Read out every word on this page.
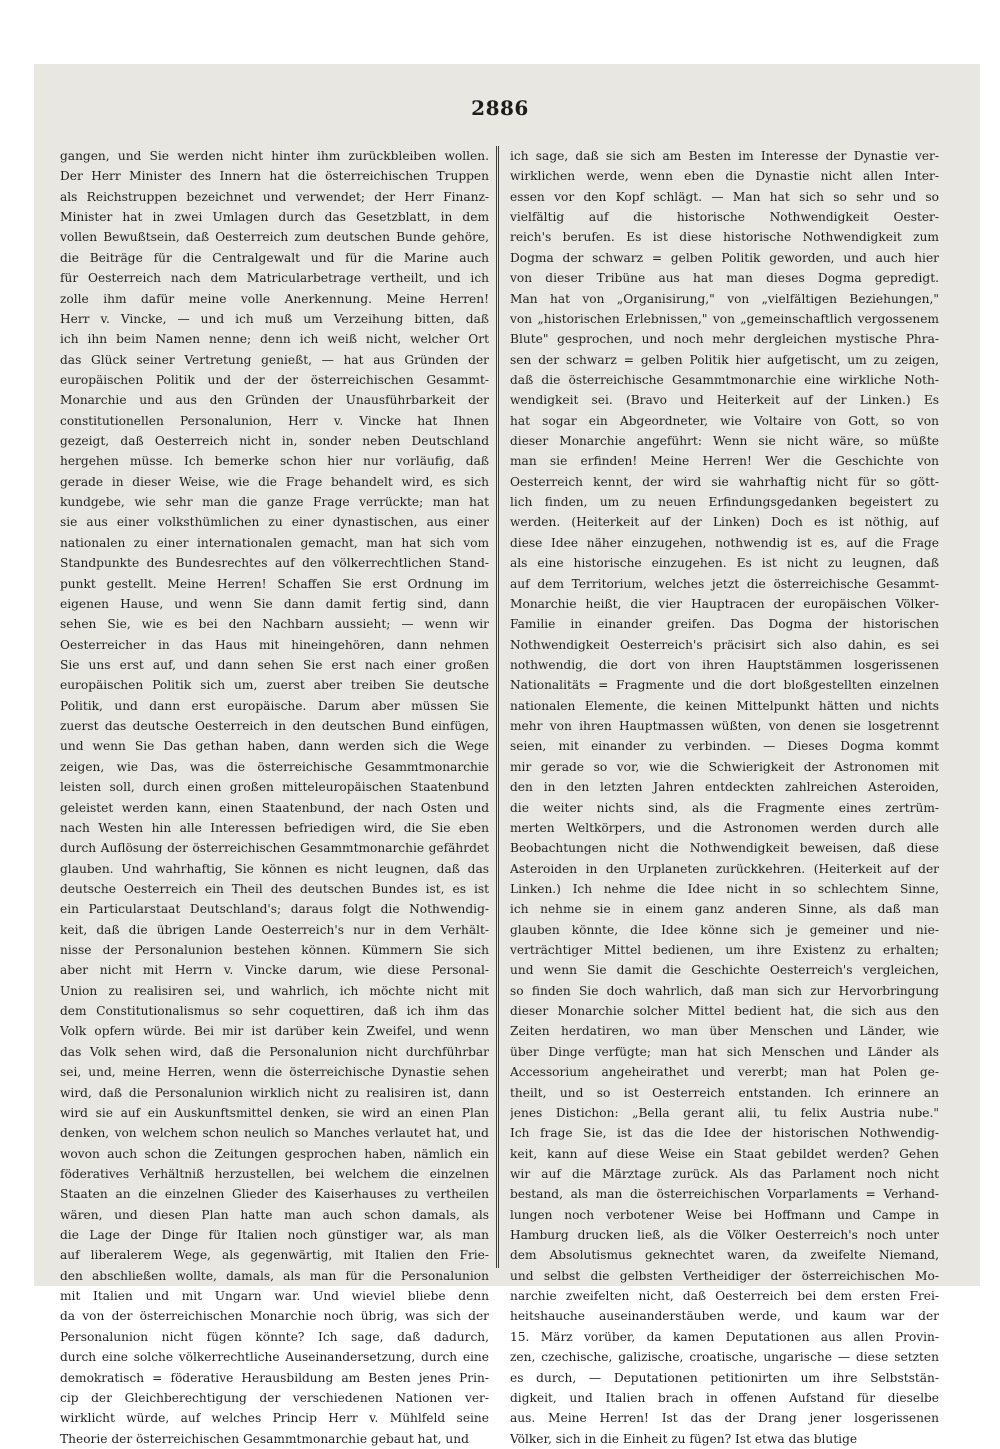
2886
gangen, und Sie werden nicht hinter ihm zurückbleiben wollen.
Der Herr Minister des Innern hat die österreichischen Truppen
als Reichstruppen bezeichnet und verwendet; der Herr Finanz-
Minister hat in zwei Umlagen durch das Gesetzblatt, in dem
vollen Bewußtsein, daß Oesterreich zum deutschen Bunde gehöre,
die Beiträge für die Centralgewalt und für die Marine auch
für Oesterreich nach dem Matricularbetrage vertheilt, und ich
zolle ihm dafür meine volle Anerkennung. Meine Herren!
Herr v. Vincke, — und ich muß um Verzeihung bitten, daß
ich ihn beim Namen nenne; denn ich weiß nicht, welcher Ort
das Glück seiner Vertretung genießt, — hat aus Gründen der
europäischen Politik und der der österreichischen Gesammt-
Monarchie und aus den Gründen der Unausführbarkeit der
constitutionellen Personalunion, Herr v. Vincke hat Ihnen
gezeigt, daß Oesterreich nicht in, sonder neben Deutschland
hergehen müsse. Ich bemerke schon hier nur vorläufig, daß
gerade in dieser Weise, wie die Frage behandelt wird, es sich
kundgebe, wie sehr man die ganze Frage verrückte; man hat
sie aus einer volksthümlichen zu einer dynastischen, aus einer
nationalen zu einer internationalen gemacht, man hat sich vom
Standpunkte des Bundesrechtes auf den völkerrechtlichen Stand-
punkt gestellt. Meine Herren! Schaffen Sie erst Ordnung im
eigenen Hause, und wenn Sie dann damit fertig sind, dann
sehen Sie, wie es bei den Nachbarn aussieht; — wenn wir
Oesterreicher in das Haus mit hineingehören, dann nehmen
Sie uns erst auf, und dann sehen Sie erst nach einer großen
europäischen Politik sich um, zuerst aber treiben Sie deutsche
Politik, und dann erst europäische. Darum aber müssen Sie
zuerst das deutsche Oesterreich in den deutschen Bund einfügen,
und wenn Sie Das gethan haben, dann werden sich die Wege
zeigen, wie Das, was die österreichische Gesammtmonarchie
leisten soll, durch einen großen mitteleuropäischen Staatenbund
geleistet werden kann, einen Staatenbund, der nach Osten und
nach Westen hin alle Interessen befriedigen wird, die Sie eben
durch Auflösung der österreichischen Gesammtmonarchie gefährdet
glauben. Und wahrhaftig, Sie können es nicht leugnen, daß das
deutsche Oesterreich ein Theil des deutschen Bundes ist, es ist
ein Particularstaat Deutschland's; daraus folgt die Nothwendig-
keit, daß die übrigen Lande Oesterreich's nur in dem Verhält-
nisse der Personalunion bestehen können. Kümmern Sie sich
aber nicht mit Herrn v. Vincke darum, wie diese Personal-
Union zu realisiren sei, und wahrlich, ich möchte nicht mit
dem Constitutionalismus so sehr coquettiren, daß ich ihm das
Volk opfern würde. Bei mir ist darüber kein Zweifel, und wenn
das Volk sehen wird, daß die Personalunion nicht durchführbar
sei, und, meine Herren, wenn die österreichische Dynastie sehen
wird, daß die Personalunion wirklich nicht zu realisiren ist, dann
wird sie auf ein Auskunftsmittel denken, sie wird an einen Plan
denken, von welchem schon neulich so Manches verlautet hat, und
wovon auch schon die Zeitungen gesprochen haben, nämlich ein
föderatives Verhältniß herzustellen, bei welchem die einzelnen
Staaten an die einzelnen Glieder des Kaiserhauses zu vertheilen
wären, und diesen Plan hatte man auch schon damals, als
die Lage der Dinge für Italien noch günstiger war, als man
auf liberalerem Wege, als gegenwärtig, mit Italien den Frie-
den abschließen wollte, damals, als man für die Personalunion
mit Italien und mit Ungarn war. Und wieviel bliebe denn
da von der österreichischen Monarchie noch übrig, was sich der
Personalunion nicht fügen könnte? Ich sage, daß dadurch,
durch eine solche völkerrechtliche Auseinandersetzung, durch eine
demokratisch = föderative Herausbildung am Besten jenes Prin-
cip der Gleichberechtigung der verschiedenen Nationen ver-
wirklicht würde, auf welches Princip Herr v. Mühlfeld seine
Theorie der österreichischen Gesammtmonarchie gebaut hat, und
ich sage, daß sie sich am Besten im Interesse der Dynastie ver-
wirklichen werde, wenn eben die Dynastie nicht allen Inter-
essen vor den Kopf schlägt. — Man hat sich so sehr und so
vielfältig auf die historische Nothwendigkeit Oester-
reich's berufen. Es ist diese historische Nothwendigkeit zum
Dogma der schwarz = gelben Politik geworden, und auch hier
von dieser Tribüne aus hat man dieses Dogma gepredigt.
Man hat von „Organisirung," von „vielfältigen Beziehungen,"
von „historischen Erlebnissen," von „gemeinschaftlich vergossenem
Blute" gesprochen, und noch mehr dergleichen mystische Phra-
sen der schwarz = gelben Politik hier aufgetischt, um zu zeigen,
daß die österreichische Gesammtmonarchie eine wirkliche Noth-
wendigkeit sei. (Bravo und Heiterkeit auf der Linken.) Es
hat sogar ein Abgeordneter, wie Voltaire von Gott, so von
dieser Monarchie angeführt: Wenn sie nicht wäre, so müßte
man sie erfinden! Meine Herren! Wer die Geschichte von
Oesterreich kennt, der wird sie wahrhaftig nicht für so gött-
lich finden, um zu neuen Erfindungsgedanken begeistert zu
werden. (Heiterkeit auf der Linken) Doch es ist nöthig, auf
diese Idee näher einzugehen, nothwendig ist es, auf die Frage
als eine historische einzugehen. Es ist nicht zu leugnen, daß
auf dem Territorium, welches jetzt die österreichische Gesammt-
Monarchie heißt, die vier Hauptracen der europäischen Völker-
Familie in einander greifen. Das Dogma der historischen
Nothwendigkeit Oesterreich's präcisirt sich also dahin, es sei
nothwendig, die dort von ihren Hauptstämmen losgerissenen
Nationalitäts = Fragmente und die dort bloßgestellten einzelnen
nationalen Elemente, die keinen Mittelpunkt hätten und nichts
mehr von ihren Hauptmassen wüßten, von denen sie losgetrennt
seien, mit einander zu verbinden. — Dieses Dogma kommt
mir gerade so vor, wie die Schwierigkeit der Astronomen mit
den in den letzten Jahren entdeckten zahlreichen Asteroiden,
die weiter nichts sind, als die Fragmente eines zertrüm-
merten Weltkörpers, und die Astronomen werden durch alle
Beobachtungen nicht die Nothwendigkeit beweisen, daß diese
Asteroiden in den Urplaneten zurückkehren. (Heiterkeit auf der
Linken.) Ich nehme die Idee nicht in so schlechtem Sinne,
ich nehme sie in einem ganz anderen Sinne, als daß man
glauben könnte, die Idee könne sich je gemeiner und nie-
verträchtiger Mittel bedienen, um ihre Existenz zu erhalten;
und wenn Sie damit die Geschichte Oesterreich's vergleichen,
so finden Sie doch wahrlich, daß man sich zur Hervorbringung
dieser Monarchie solcher Mittel bedient hat, die sich aus den
Zeiten herdatiren, wo man über Menschen und Länder, wie
über Dinge verfügte; man hat sich Menschen und Länder als
Accessorium angeheirathet und vererbt; man hat Polen ge-
theilt, und so ist Oesterreich entstanden. Ich erinnere an
jenes Distichon: „Bella gerant alii, tu felix Austria nube."
Ich frage Sie, ist das die Idee der historischen Nothwendig-
keit, kann auf diese Weise ein Staat gebildet werden? Gehen
wir auf die Märztage zurück. Als das Parlament noch nicht
bestand, als man die österreichischen Vorparlaments = Verhand-
lungen noch verbotener Weise bei Hoffmann und Campe in
Hamburg drucken ließ, als die Völker Oesterreich's noch unter
dem Absolutismus geknechtet waren, da zweifelte Niemand,
und selbst die gelbsten Vertheidiger der österreichischen Mo-
narchie zweifelten nicht, daß Oesterreich bei dem ersten Frei-
heitshauche auseinanderstäuben werde, und kaum war der
15. März vorüber, da kamen Deputationen aus allen Provin-
zen, czechische, galizische, croatische, ungarische — diese setzten
es durch, — Deputationen petitionirten um ihre Selbststän-
digkeit, und Italien brach in offenen Aufstand für dieselbe
aus. Meine Herren! Ist das der Drang jener losgerissenen
Völker, sich in die Einheit zu fügen? Ist etwa das blutige
